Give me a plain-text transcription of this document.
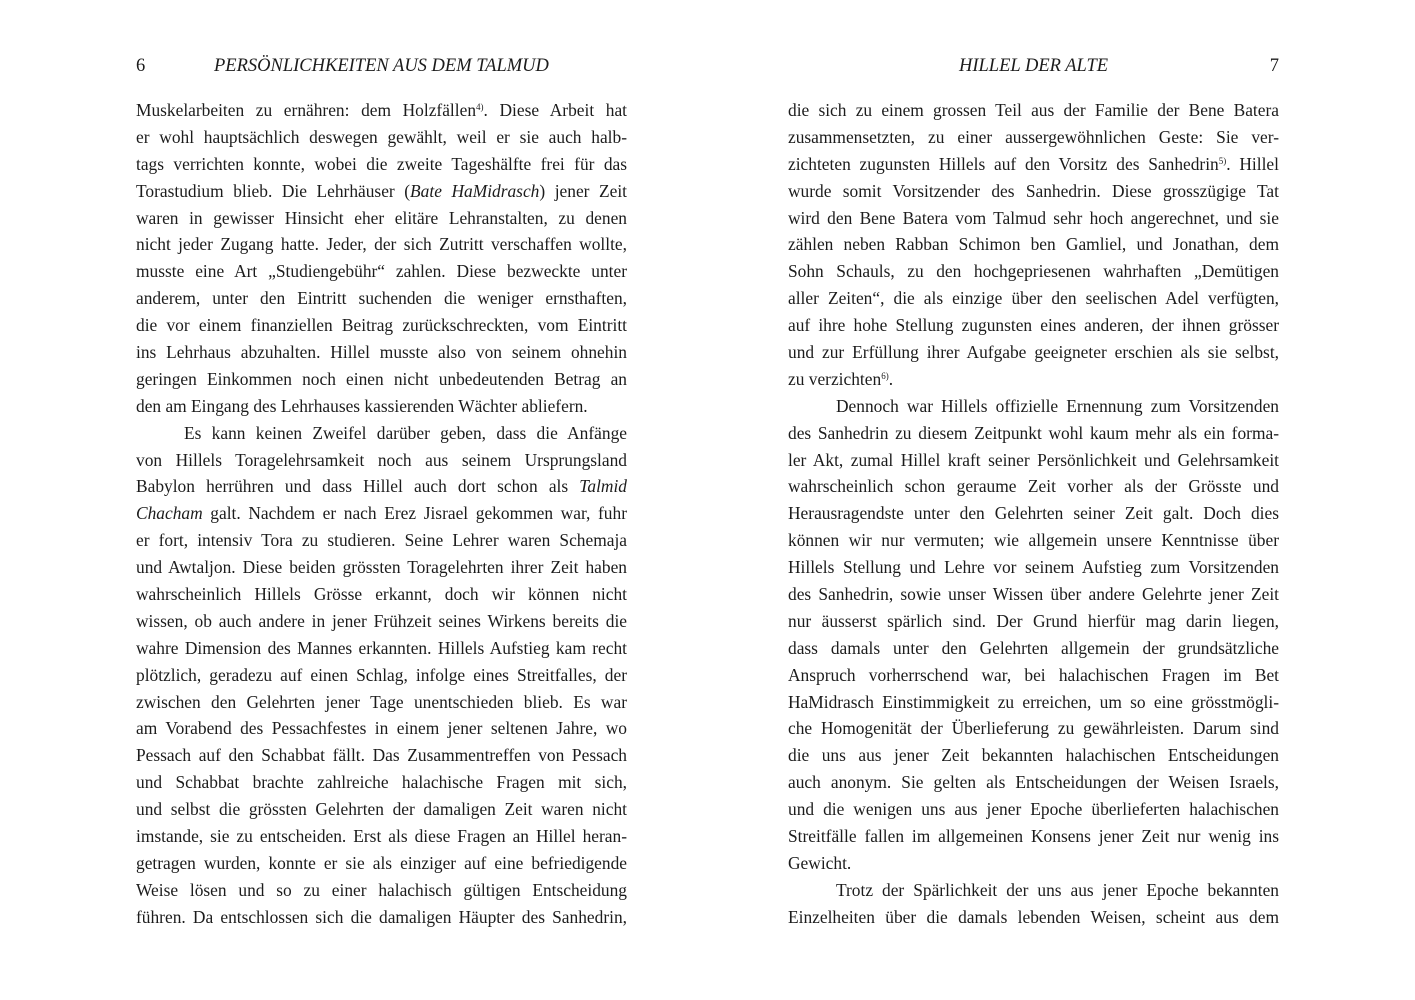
6	PERSÖNLICHKEITEN AUS DEM TALMUD
Muskelarbeiten zu ernähren: dem Holzfällen$^{4)}$. Diese Arbeit hat
er wohl hauptsächlich deswegen gewählt, weil er sie auch halb-
tags verrichten konnte, wobei die zweite Tageshälfte frei für das
Torastudium blieb. Die Lehrhäuser (Bate HaMidrasch) jener Zeit
waren in gewisser Hinsicht eher elitäre Lehranstalten, zu denen
nicht jeder Zugang hatte. Jeder, der sich Zutritt verschaffen wollte,
musste eine Art „Studiengebühr“ zahlen. Diese bezweckte unter
anderem, unter den Eintritt suchenden die weniger ernsthaften,
die vor einem finanziellen Beitrag zurückschreckten, vom Eintritt
ins Lehrhaus abzuhalten. Hillel musste also von seinem ohnehin
geringen Einkommen noch einen nicht unbedeutenden Betrag an
den am Eingang des Lehrhauses kassierenden Wächter abliefern.
Es kann keinen Zweifel darüber geben, dass die Anfänge
von Hillels Toragelehrsamkeit noch aus seinem Ursprungsland
Babylon herrühren und dass Hillel auch dort schon als Talmid
Chacham galt. Nachdem er nach Erez Jisrael gekommen war, fuhr
er fort, intensiv Tora zu studieren. Seine Lehrer waren Schemaja
und Awtaljon. Diese beiden grössten Toragelehrten ihrer Zeit haben
wahrscheinlich Hillels Grösse erkannt, doch wir können nicht
wissen, ob auch andere in jener Frühzeit seines Wirkens bereits die
wahre Dimension des Mannes erkannten. Hillels Aufstieg kam recht
plötzlich, geradezu auf einen Schlag, infolge eines Streitfalles, der
zwischen den Gelehrten jener Tage unentschieden blieb. Es war
am Vorabend des Pessachfestes in einem jener seltenen Jahre, wo
Pessach auf den Schabbat fällt. Das Zusammentreffen von Pessach
und Schabbat brachte zahlreiche halachische Fragen mit sich,
und selbst die grössten Gelehrten der damaligen Zeit waren nicht
imstande, sie zu entscheiden. Erst als diese Fragen an Hillel heran-
getragen wurden, konnte er sie als einziger auf eine befriedigende
Weise lösen und so zu einer halachisch gültigen Entscheidung
führen. Da entschlossen sich die damaligen Häupter des Sanhedrin,
HILLEL DER ALTE	7
die sich zu einem grossen Teil aus der Familie der Bene Batera
zusammensetzten, zu einer aussergewöhnlichen Geste: Sie ver-
zichteten zugunsten Hillels auf den Vorsitz des Sanhedrin$^{5)}$. Hillel
wurde somit Vorsitzender des Sanhedrin. Diese grosszügige Tat
wird den Bene Batera vom Talmud sehr hoch angerechnet, und sie
zählen neben Rabban Schimon ben Gamliel, und Jonathan, dem
Sohn Schauls, zu den hochgepriesenen wahrhaften „Demütigen
aller Zeiten“, die als einzige über den seelischen Adel verfügten,
auf ihre hohe Stellung zugunsten eines anderen, der ihnen grösser
und zur Erfüllung ihrer Aufgabe geeigneter erschien als sie selbst,
zu verzichten$^{6)}$.
Dennoch war Hillels offizielle Ernennung zum Vorsitzenden
des Sanhedrin zu diesem Zeitpunkt wohl kaum mehr als ein forma-
ler Akt, zumal Hillel kraft seiner Persönlichkeit und Gelehrsamkeit
wahrscheinlich schon geraume Zeit vorher als der Grösste und
Herausragendste unter den Gelehrten seiner Zeit galt. Doch dies
können wir nur vermuten; wie allgemein unsere Kenntnisse über
Hillels Stellung und Lehre vor seinem Aufstieg zum Vorsitzenden
des Sanhedrin, sowie unser Wissen über andere Gelehrte jener Zeit
nur äusserst spärlich sind. Der Grund hierfür mag darin liegen,
dass damals unter den Gelehrten allgemein der grundsätzliche
Anspruch vorherrschend war, bei halachischen Fragen im Bet
HaMidrasch Einstimmigkeit zu erreichen, um so eine grösstmögli-
che Homogenität der Überlieferung zu gewährleisten. Darum sind
die uns aus jener Zeit bekannten halachischen Entscheidungen
auch anonym. Sie gelten als Entscheidungen der Weisen Israels,
und die wenigen uns aus jener Epoche überlieferten halachischen
Streitfälle fallen im allgemeinen Konsens jener Zeit nur wenig ins
Gewicht.
Trotz der Spärlichkeit der uns aus jener Epoche bekannten
Einzelheiten über die damals lebenden Weisen, scheint aus dem
